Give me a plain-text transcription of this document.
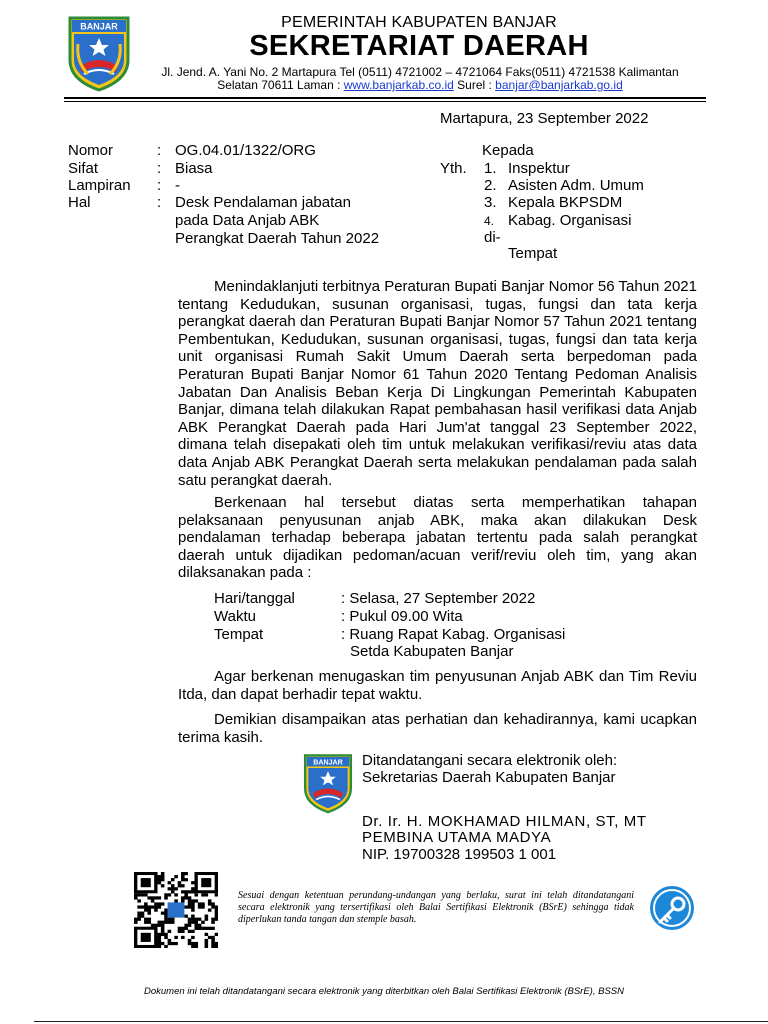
BANJAR	PEMERINTAH KABUPATEN BANJAR
SEKRETARIAT DAERAH
Jl. Jend. A. Yani No. 2 Martapura Tel (0511) 4721002 – 4721064 Faks(0511) 4721538 Kalimantan
Selatan 70611 Laman : www.banjarkab.co.id Surel : banjar@banjarkab.go.id
Martapura, 23 September 2022
Nomor	: OG.04.01/1322/ORG
Sifat	: Biasa
Lampiran : -
Hal	: Desk Pendalaman jabatan
pada Data Anjab ABK
Perangkat Daerah Tahun 2022
Kepada
Yth. 1. Inspektur
2. Asisten Adm. Umum
3. Kepala BKPSDM
4. Kabag. Organisasi
di-
Tempat
Menindaklanjuti terbitnya Peraturan Bupati Banjar Nomor 56 Tahun 2021 tentang Kedudukan, susunan organisasi, tugas, fungsi dan tata kerja perangkat daerah dan Peraturan Bupati Banjar Nomor 57 Tahun 2021 tentang Pembentukan, Kedudukan, susunan organisasi, tugas, fungsi dan tata kerja unit organisasi Rumah Sakit Umum Daerah serta berpedoman pada Peraturan Bupati Banjar Nomor 61 Tahun 2020 Tentang Pedoman Analisis Jabatan Dan Analisis Beban Kerja Di Lingkungan Pemerintah Kabupaten Banjar, dimana telah dilakukan Rapat pembahasan hasil verifikasi data Anjab ABK Perangkat Daerah pada Hari Jum'at tanggal 23 September 2022, dimana telah disepakati oleh tim untuk melakukan verifikasi/reviu atas data data Anjab ABK Perangkat Daerah serta melakukan pendalaman pada salah satu perangkat daerah.
Berkenaan hal tersebut diatas serta memperhatikan tahapan pelaksanaan penyusunan anjab ABK, maka akan dilakukan Desk pendalaman terhadap beberapa jabatan tertentu pada salah perangkat daerah untuk dijadikan pedoman/acuan verif/reviu oleh tim, yang akan dilaksanakan pada :
Hari/tanggal	: Selasa, 27 September 2022
Waktu	: Pukul 09.00 Wita
Tempat	: Ruang Rapat Kabag. Organisasi
Setda Kabupaten Banjar
Agar berkenan menugaskan tim penyusunan Anjab ABK dan Tim Reviu Itda, dan dapat berhadir tepat waktu.
Demikian disampaikan atas perhatian dan kehadirannya, kami ucapkan terima kasih.
BANJAR Ditandatangani secara elektronik oleh:
Sekretarias Daerah Kabupaten Banjar
Dr. Ir. H. MOKHAMAD HILMAN, ST, MT
PEMBINA UTAMA MADYA
NIP. 19700328 199503 1 001
Sesuai dengan ketentuan perundang-undangan yang berlaku, surat ini telah ditandatangani secara elektronik yang tersertifikasi oleh Balai Sertifikasi Elektronik (BSrE) sehingga tidak diperlukan tanda tangan dan stemple basah.
Dokumen ini telah ditandatangani secara elektronik yang diterbitkan oleh Balai Sertifikasi Elektronik (BSrE), BSSN
